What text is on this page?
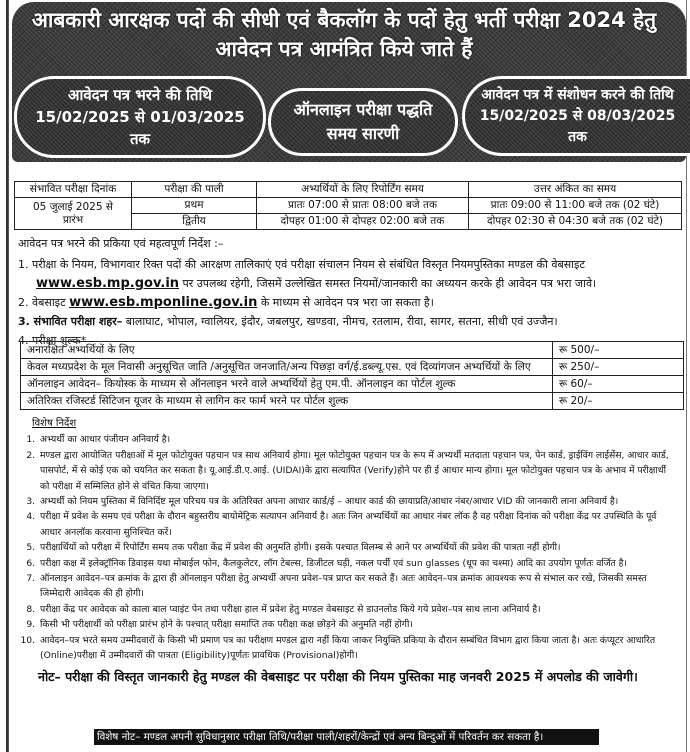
आबकारी आरक्षक पदों की सीधी एवं बैकलॉग के पदों हेतु भर्ती परीक्षा 2024 हेतु
आवेदन पत्र आमंत्रित किये जाते हैं
आवेदन पत्र भरने की तिथि
15/02/2025 से 01/03/2025
तक
ऑनलाइन परीक्षा पद्धति
समय सारणी
आवेदन पत्र में संशोधन करने की तिथि
15/02/2025 से 08/03/2025
तक
संभावित परीक्षा दिनांक	परीक्षा की पाली	अभ्यर्थियों के लिए रिपोर्टिंग समय	उत्तर अंकित का समय

05 जुलाई 2025 से
प्रारंभ	प्रथम	प्रातः 07:00 से प्रातः 08:00 बजे तक	प्रातः 09:00 से 11:00 बजे तक (02 घंटे)
	द्वितीय	दोपहर 01:00 से दोपहर 02:00 बजे तक	दोपहर 02:30 से 04:30 बजे तक (02 घंटे)
आवेदन पत्र भरने की प्रकिया एवं महत्वपूर्ण निर्देश :–
1. परीक्षा के नियम, विभागवार रिक्त पदों की आरक्षण तालिकाएं एवं परीक्षा संचालन नियम से संबंधित विस्तृत नियमपुस्तिका मण्डल की वेबसाइट
www.esb.mp.gov.in पर उपलब्ध रहेगी, जिसमें उल्लेखित समस्त नियमों/जानकारी का अध्ययन करके ही आवेदन पत्र भरा जावे।
2. वेबसाइट www.esb.mponline.gov.in के माध्यम से आवेदन पत्र भरा जा सकता है।
3. संभावित परीक्षा शहर– बालाघाट, भोपाल, ग्वालियर, इंदौर, जबलपुर, खण्डवा, नीमच, रतलाम, रीवा, सागर, सतना, सीधी एवं उज्जैन।
4. परीक्षा शुल्क*
अनारक्षित अभ्यर्थियों के लिए	रू 500/–
केवल मध्यप्रदेश के मूल निवासी अनुसूचित जाति /अनुसूचित जनजाति/अन्य पिछड़ा वर्ग/ई.डब्ल्यू.एस. एवं दिव्यांगजन अभ्यर्थियों के लिए	रू 250/–
ऑनलाइन आवेदन– कियोस्क के माध्यम से ऑनलाइन भरने वाले अभ्यर्थियों हेतु एम.पी. ऑनलाइन का पोर्टल शुल्क	रू 60/–
अतिरिक्त रजिस्टर्ड सिटिजन यूजर के माध्यम से लागिन कर फार्म भरने पर पोर्टल शुल्क	रू 20/–
विशेष निर्देश
1. अभ्यर्थी का आधार पंजीयन अनिवार्य है।
2. मण्डल द्वारा आयोजित परीक्षाओं में मूल फोटोयुक्त पहचान पत्र साथ अनिवार्य होगा। मूल फोटोयुक्त पहचान पत्र के रूप में अभ्यर्थी मतदाता पहचान पत्र, पेन कार्ड, ड्राईविंग लाईसेंस, आधार कार्ड, पासपोर्ट, में से कोई एक को चयनित कर सकता है। यू.आई.डी.ए.आई. (UIDAI)के द्वारा सत्यापित (Verify)होने पर ही ई आधार मान्य होगा। मूल फोटोयुक्त पहचान पत्र के अभाव में परीक्षार्थी को परीक्षा में सम्मिलित होने से वंचित किया जाएगा।
3. अभ्यर्थी को नियम पुस्तिका में विनिर्दिष्ट मूल परिचय पत्र के अतिरिक्त अपना आधार कार्ड/ई – आधार कार्ड की छायाप्रति/आधार नंबर/आधार VID की जानकारी लाना अनिवार्य है।
4. परीक्षा में प्रवेश के समय एवं परीक्षा के दौरान बहुस्तरीय बायोमेट्रिक सत्यापन अनिवार्य है। अतः जिन अभ्यर्थियों का आधार नंबर लॉक है वह परीक्षा दिनांक को परीक्षा केंद्र पर उपस्थिति के पूर्व आधार अनलॉक करवाना सुनिश्चित करें।
5. परीक्षार्थियों को परीक्षा में रिपोर्टिंग समय तक परीक्षा केंद्र में प्रवेश की अनुमति होगी। इसके पश्चात विलम्ब से आने पर अभ्यर्थियों की प्रवेश की पात्रता नहीं होगी।
6. परीक्षा कक्ष में इलेक्ट्रॉनिक डिवाइस यथा मोबाईल फोन, कैलकुलेटर, लॉग टेबल्स, डिजीटल घड़ी, नकल पर्ची एवं sun glasses (धूप का चश्मा) आदि का उपयोग पूर्णतः वर्जित है।
7. ऑनलाइन आवेदन–पत्र क्रमांक के द्वारा ही ऑनलाइन परीक्षा हेतु अभ्यर्थी अपना प्रवेश–पत्र प्राप्त कर सकते हैं। अतः आवेदन–पत्र क्रमांक आवश्यक रूप से संभाल कर रखे, जिसकी समस्त जिम्मेदारी आवेदक की ही होगी।
8. परीक्षा केंद्र पर आवेदक को काला बाल प्वाइंट पेन तथा परीक्षा हाल में प्रवेश हेतु मण्डल वेबसाइट से डाउनलोड किये गये प्रवेश–पत्र साथ लाना अनिवार्य है।
9. किसी भी परीक्षार्थी को परीक्षा प्रारंभ होने के पश्चात् परीक्षा समाप्ति तक परीक्षा कक्ष छोड़ने की अनुमति नहीं होगी।
10. आवेदन–पत्र भरते समय उम्मीदवारों के किसी भी प्रमाण पत्र का परीक्षण मण्डल द्वारा नहीं किया जाकर नियुक्ति प्रकिया के दौरान सम्बंधित विभाग द्वारा किया जाता है। अतः कंप्यूटर आधारित (Online)परीक्षा में उम्मीदवारों की पात्रता (Eligibility)पूर्णतः प्रावधिक (Provisional)होगी।
नोट– परीक्षा की विस्तृत जानकारी हेतु मण्डल की वेबसाइट पर परीक्षा की नियम पुस्तिका माह जनवरी 2025 में अपलोड की जावेगी।
विशेष नोट– मण्डल अपनी सुविधानुसार परीक्षा तिथि/परीक्षा पाली/शहरों/केन्द्रों एवं अन्य बिन्दुओं में परिवर्तन कर सकता है।
